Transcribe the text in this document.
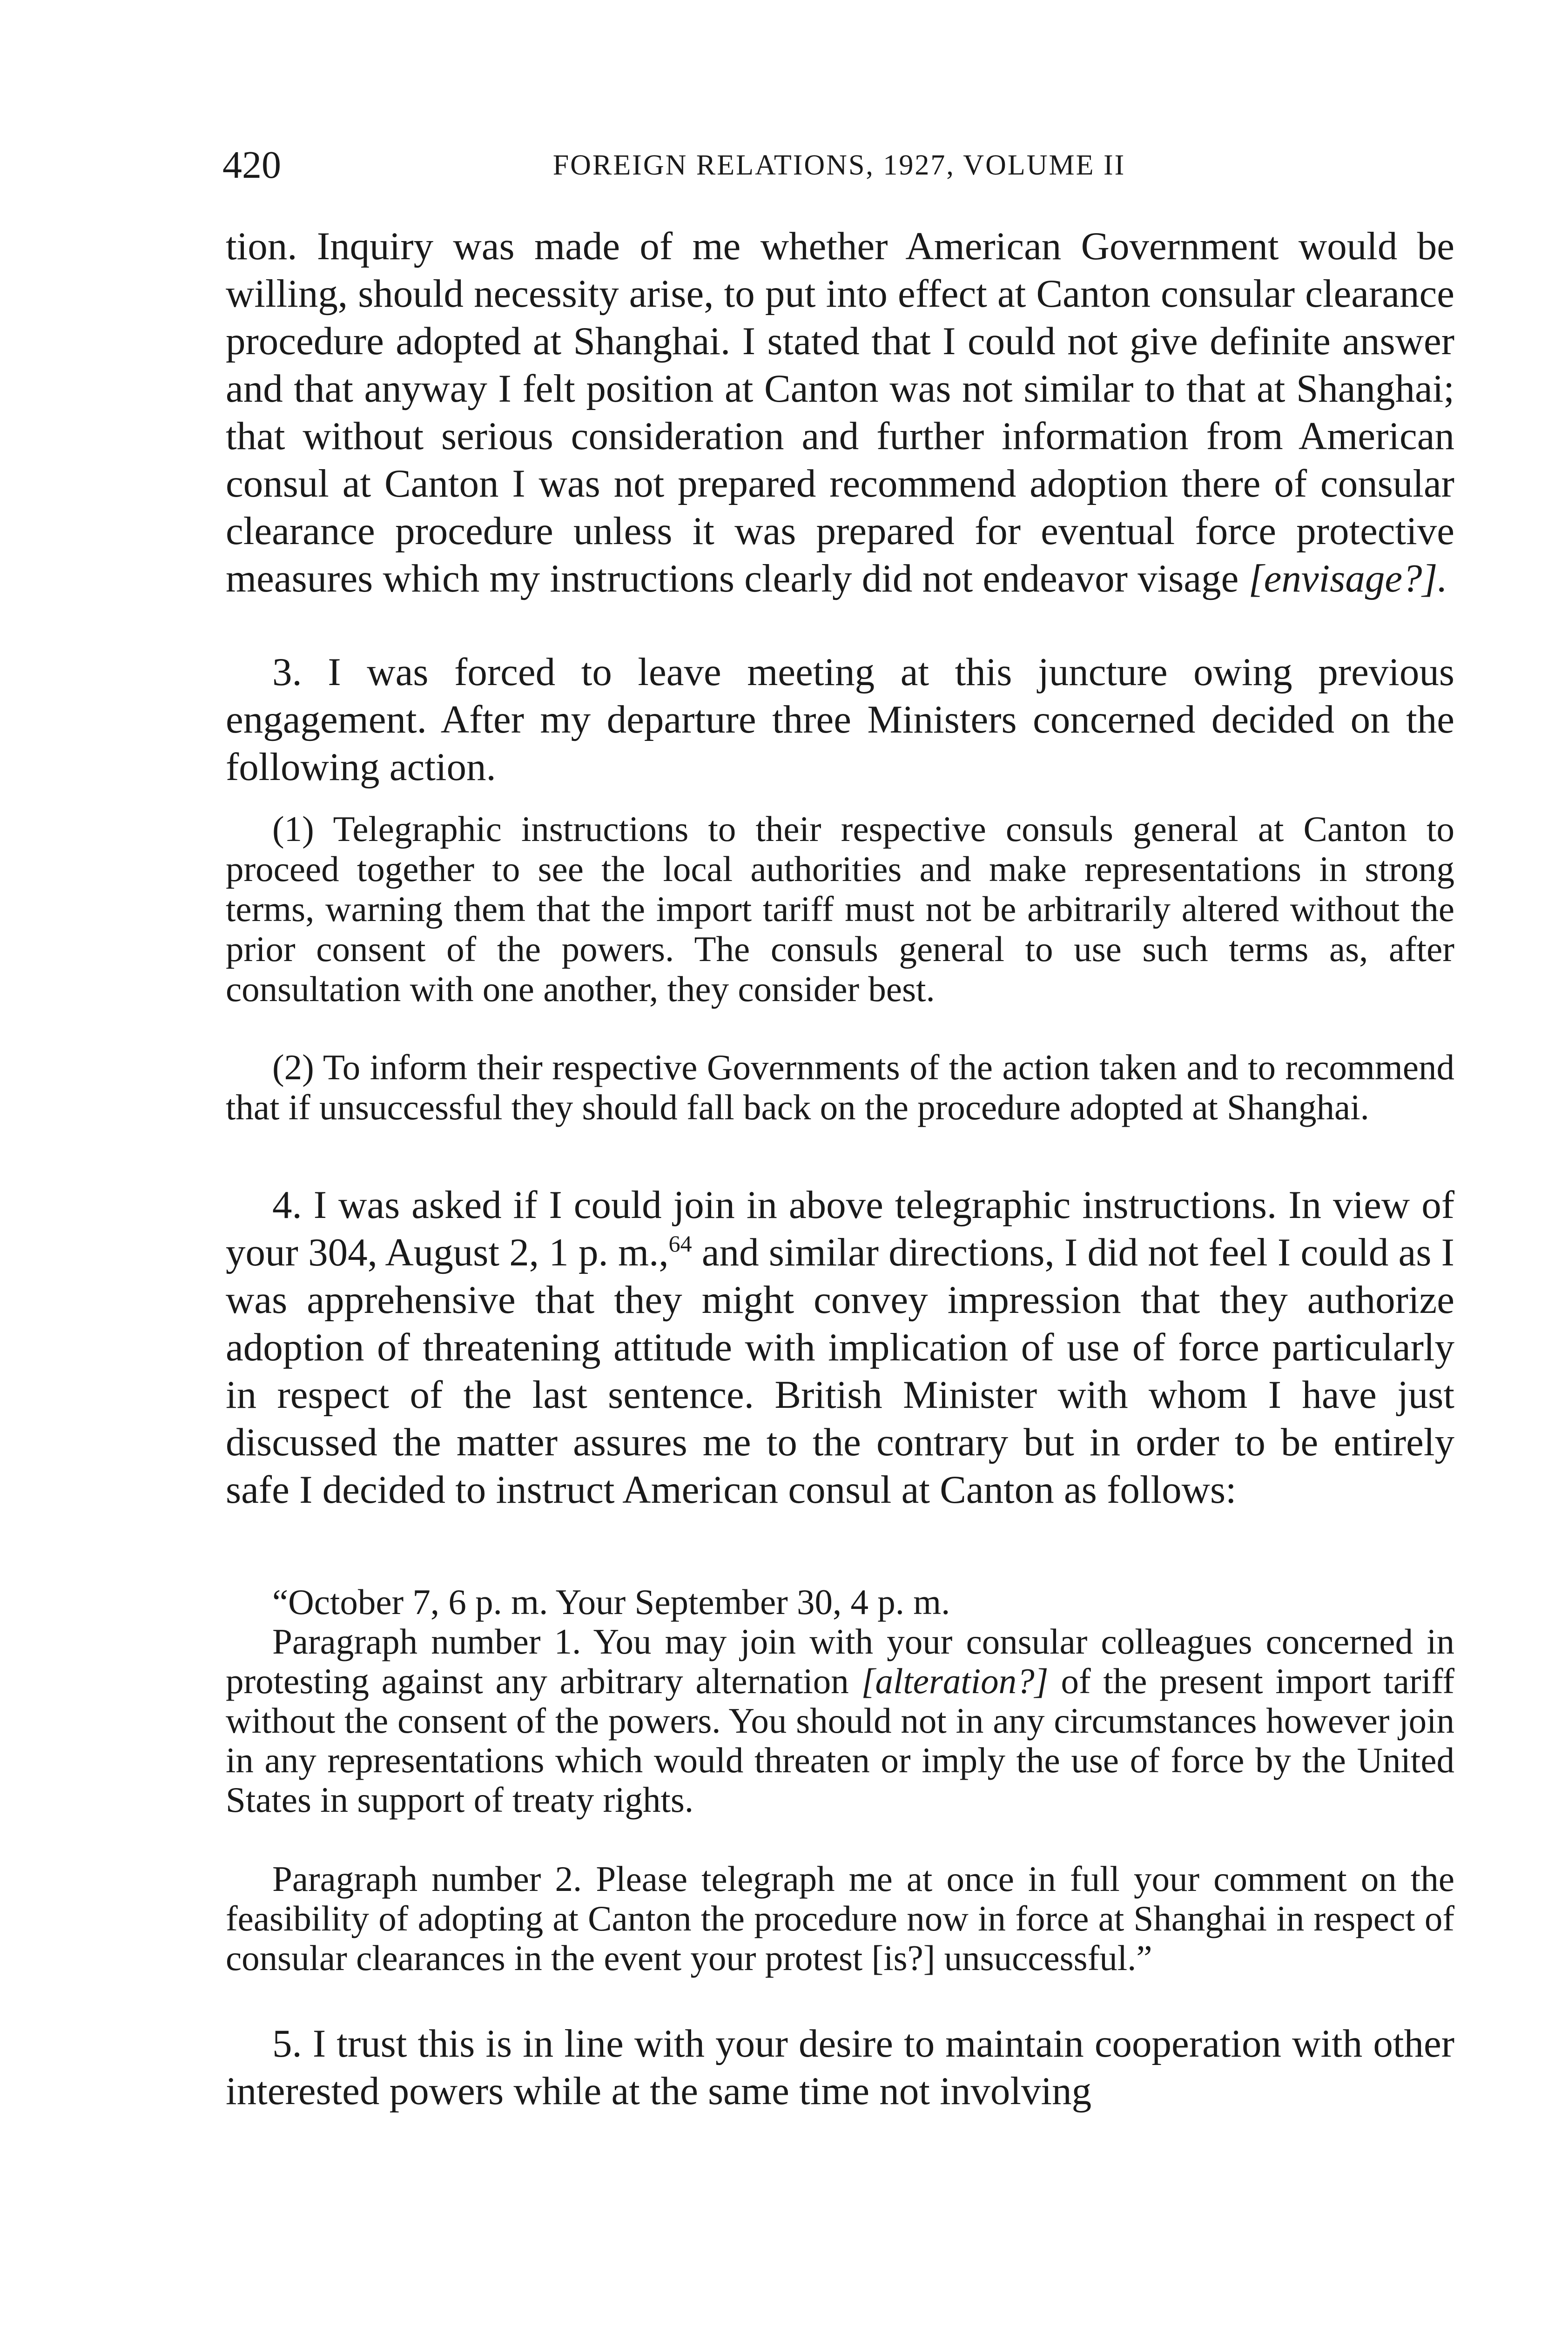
420	FOREIGN RELATIONS, 1927, VOLUME II

tion. Inquiry was made of me whether American Government would be willing, should necessity arise, to put into effect at Canton consular clearance procedure adopted at Shanghai. I stated that I could not give definite answer and that anyway I felt position at Canton was not similar to that at Shanghai; that without serious consideration and further information from American consul at Canton I was not prepared recommend adoption there of consular clearance procedure unless it was prepared for eventual force protective measures which my instructions clearly did not endeavor visage [envisage?].

3. I was forced to leave meeting at this juncture owing previous engagement. After my departure three Ministers concerned decided on the following action.

(1) Telegraphic instructions to their respective consuls general at Canton to proceed together to see the local authorities and make representations in strong terms, warning them that the import tariff must not be arbitrarily altered without the prior consent of the powers. The consuls general to use such terms as, after consultation with one another, they consider best.

(2) To inform their respective Governments of the action taken and to recommend that if unsuccessful they should fall back on the procedure adopted at Shanghai.

4. I was asked if I could join in above telegraphic instructions. In view of your 304, August 2, 1 p. m.,$^{64}$ and similar directions, I did not feel I could as I was apprehensive that they might convey impression that they authorize adoption of threatening attitude with implication of use of force particularly in respect of the last sentence. British Minister with whom I have just discussed the matter assures me to the contrary but in order to be entirely safe I decided to instruct American consul at Canton as follows:

“October 7, 6 p. m. Your September 30, 4 p. m.

Paragraph number 1. You may join with your consular colleagues concerned in protesting against any arbitrary alternation [alteration?] of the present import tariff without the consent of the powers. You should not in any circumstances however join in any representations which would threaten or imply the use of force by the United States in support of treaty rights.

Paragraph number 2. Please telegraph me at once in full your comment on the feasibility of adopting at Canton the procedure now in force at Shanghai in respect of consular clearances in the event your protest [is?] unsuccessful.”

5. I trust this is in line with your desire to maintain cooperation with other interested powers while at the same time not involving
